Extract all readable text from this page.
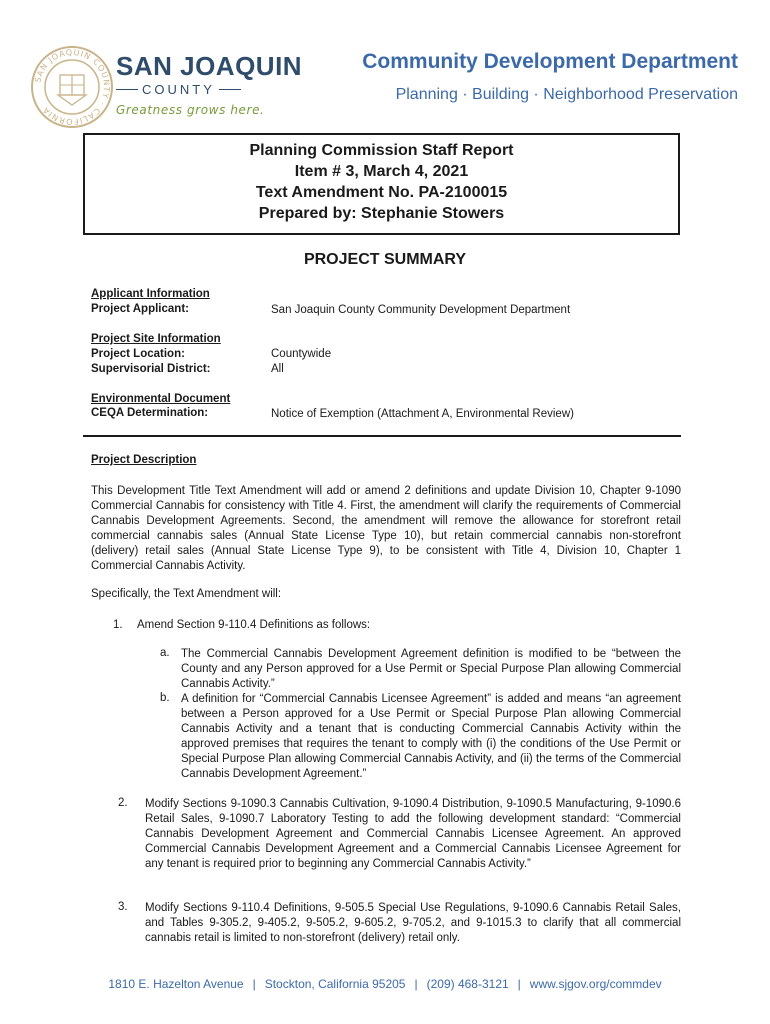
SAN JOAQUIN COUNTY · CALIFORNIA
SAN JOAQUIN
COUNTY
Greatness grows here.
Community Development Department
Planning · Building · Neighborhood Preservation
Planning Commission Staff Report
Item # 3, March 4, 2021
Text Amendment No. PA-2100015
Prepared by: Stephanie Stowers
PROJECT SUMMARY
Applicant Information
Project Applicant:	San Joaquin County Community Development Department
Project Site Information
Project Location:	Countywide
Supervisorial District:	All
Environmental Document
CEQA Determination:	Notice of Exemption (Attachment A, Environmental Review)
Project Description
This Development Title Text Amendment will add or amend 2 definitions and update Division 10, Chapter 9-1090 Commercial Cannabis for consistency with Title 4. First, the amendment will clarify the requirements of Commercial Cannabis Development Agreements. Second, the amendment will remove the allowance for storefront retail commercial cannabis sales (Annual State License Type 10), but retain commercial cannabis non-storefront (delivery) retail sales (Annual State License Type 9), to be consistent with Title 4, Division 10, Chapter 1 Commercial Cannabis Activity.
Specifically, the Text Amendment will:
1. Amend Section 9-110.4 Definitions as follows:
a. The Commercial Cannabis Development Agreement definition is modified to be “between the County and any Person approved for a Use Permit or Special Purpose Plan allowing Commercial Cannabis Activity.”
b. A definition for “Commercial Cannabis Licensee Agreement” is added and means “an agreement between a Person approved for a Use Permit or Special Purpose Plan allowing Commercial Cannabis Activity and a tenant that is conducting Commercial Cannabis Activity within the approved premises that requires the tenant to comply with (i) the conditions of the Use Permit or Special Purpose Plan allowing Commercial Cannabis Activity, and (ii) the terms of the Commercial Cannabis Development Agreement.”
2. Modify Sections 9-1090.3 Cannabis Cultivation, 9-1090.4 Distribution, 9-1090.5 Manufacturing, 9-1090.6 Retail Sales, 9-1090.7 Laboratory Testing to add the following development standard: “Commercial Cannabis Development Agreement and Commercial Cannabis Licensee Agreement. An approved Commercial Cannabis Development Agreement and a Commercial Cannabis Licensee Agreement for any tenant is required prior to beginning any Commercial Cannabis Activity.”
3. Modify Sections 9-110.4 Definitions, 9-505.5 Special Use Regulations, 9-1090.6 Cannabis Retail Sales, and Tables 9-305.2, 9-405.2, 9-505.2, 9-605.2, 9-705.2, and 9-1015.3 to clarify that all commercial cannabis retail is limited to non-storefront (delivery) retail only.
1810 E. Hazelton Avenue | Stockton, California 95205 | (209) 468-3121 | www.sjgov.org/commdev
